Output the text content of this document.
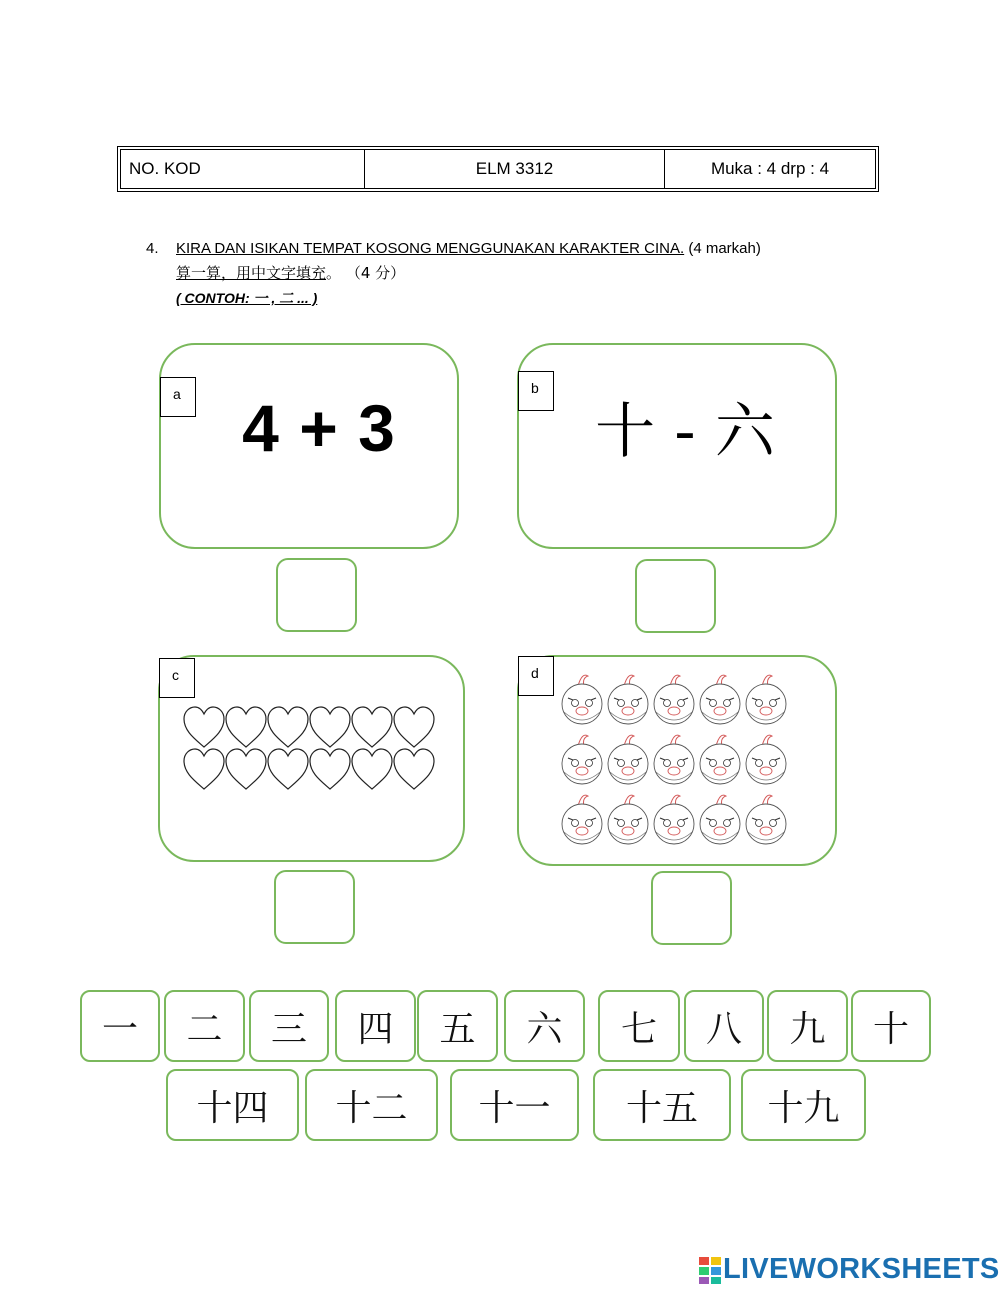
NO. KOD	ELM 3312	Muka : 4 drp : 4
4. KIRA DAN ISIKAN TEMPAT KOSONG MENGGUNAKAN KARAKTER CINA. (4 markah)
算一算，用中文字填充。 （4 分）
( CONTOH: 一 , 二 ... )
a 4 + 3
b
十 - 六
c	d
一	二	三	四	五	六	七	八	九	十
十四	十二	十一	十五	十九
LIVEWORKSHEETS
